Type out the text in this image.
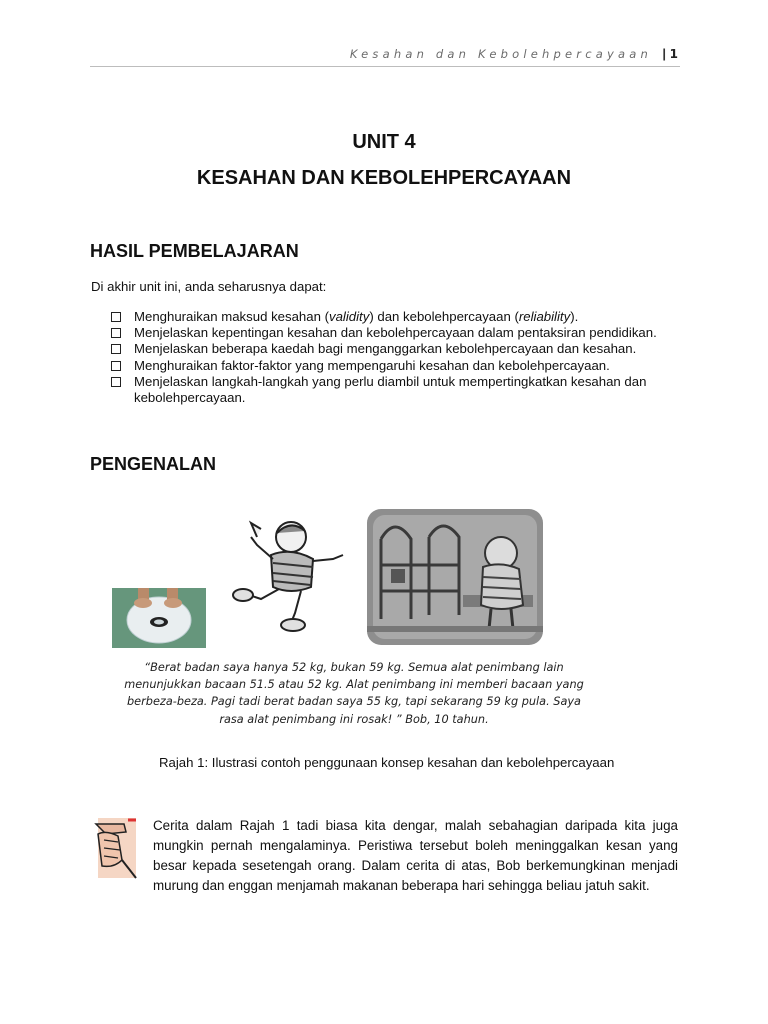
Kesahan dan Kebolehpercayaan | 1
UNIT 4
KESAHAN DAN KEBOLEHPERCAYAAN
HASIL PEMBELAJARAN
Di akhir unit ini, anda seharusnya dapat:
Menghuraikan maksud kesahan (validity) dan kebolehpercayaan (reliability).
Menjelaskan kepentingan kesahan dan kebolehpercayaan dalam pentaksiran pendidikan.
Menjelaskan beberapa kaedah bagi menganggarkan kebolehpercayaan dan kesahan.
Menghuraikan faktor-faktor yang mempengaruhi kesahan dan kebolehpercayaan.
Menjelaskan langkah-langkah yang perlu diambil untuk mempertingkatkan kesahan dan kebolehpercayaan.
PENGENALAN
“Berat badan saya hanya 52 kg, bukan 59 kg. Semua alat penimbang lain menunjukkan bacaan 51.5 atau 52 kg. Alat penimbang ini memberi bacaan yang berbeza-beza. Pagi tadi berat badan saya 55 kg, tapi sekarang 59 kg pula. Saya rasa alat penimbang ini rosak! ” Bob, 10 tahun.
Rajah 1: Ilustrasi contoh penggunaan konsep kesahan dan kebolehpercayaan
Cerita dalam Rajah 1 tadi biasa kita dengar, malah sebahagian daripada kita juga mungkin pernah mengalaminya. Peristiwa tersebut boleh meninggalkan kesan yang besar kepada sesetengah orang. Dalam cerita di atas, Bob berkemungkinan menjadi murung dan enggan menjamah makanan beberapa hari sehingga beliau jatuh sakit.
